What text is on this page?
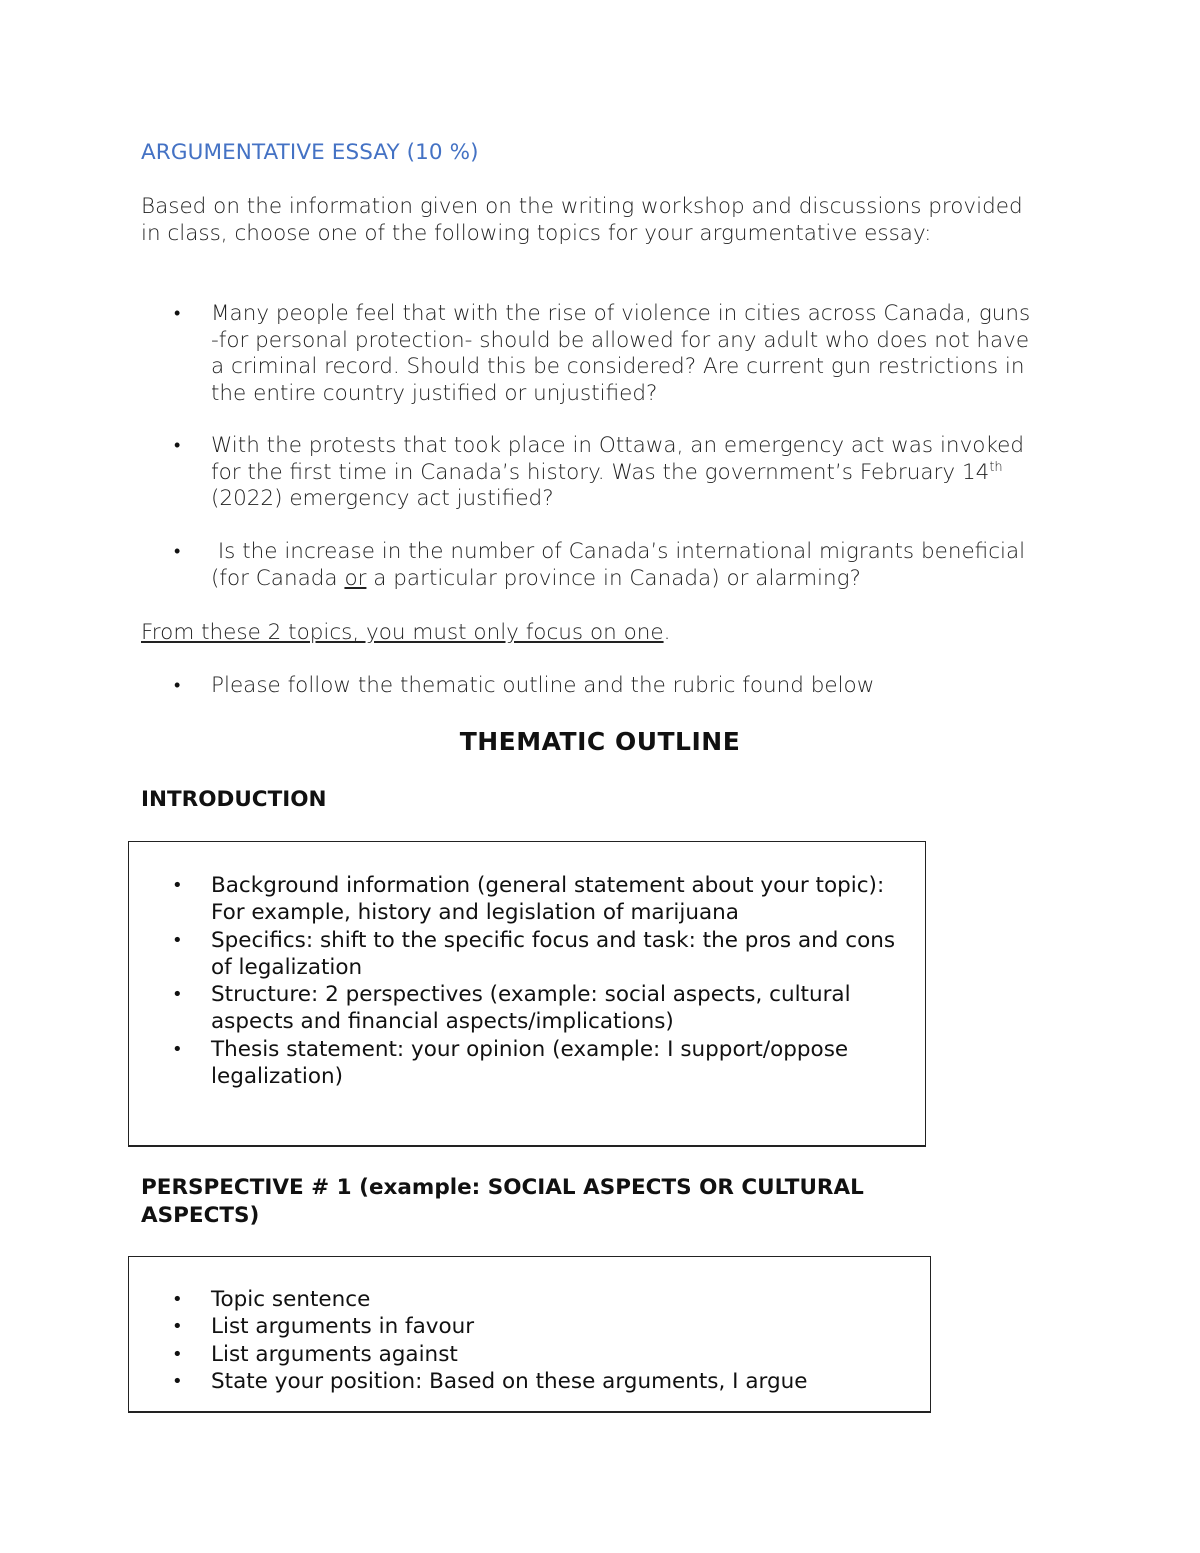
ARGUMENTATIVE ESSAY (10 %)
Based on the information given on the writing workshop and discussions provided in class, choose one of the following topics for your argumentative essay:
• Many people feel that with the rise of violence in cities across Canada, guns -for personal protection- should be allowed for any adult who does not have a criminal record. Should this be considered? Are current gun restrictions in the entire country justified or unjustified?
• With the protests that took place in Ottawa, an emergency act was invoked for the first time in Canada’s history. Was the government’s February 14th (2022) emergency act justified?
• Is the increase in the number of Canada’s international migrants beneficial (for Canada or a particular province in Canada) or alarming?
From these 2 topics, you must only focus on one.
• Please follow the thematic outline and the rubric found below
THEMATIC OUTLINE
INTRODUCTION
• Background information (general statement about your topic): For example, history and legislation of marijuana
• Specifics: shift to the specific focus and task: the pros and cons of legalization
• Structure: 2 perspectives (example: social aspects, cultural aspects and financial aspects/implications)
• Thesis statement: your opinion (example: I support/oppose legalization)
PERSPECTIVE # 1 (example: SOCIAL ASPECTS OR CULTURAL ASPECTS)
• Topic sentence
• List arguments in favour
• List arguments against
• State your position: Based on these arguments, I argue
